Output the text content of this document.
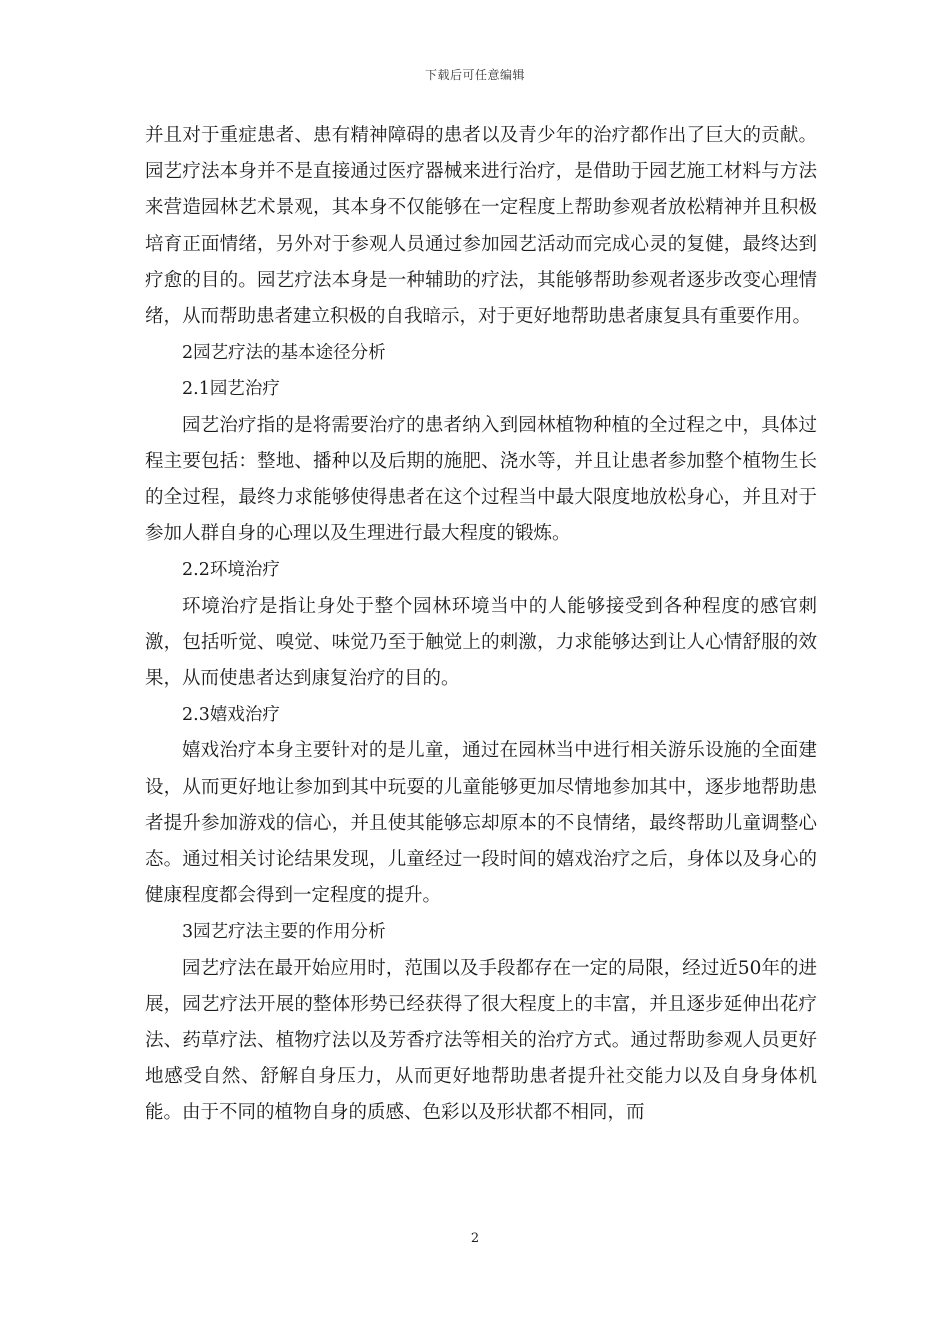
下载后可任意编辑

并且对于重症患者、患有精神障碍的患者以及青少年的治疗都作出了巨大的贡献。园艺疗法本身并不是直接通过医疗器械来进行治疗，是借助于园艺施工材料与方法来营造园林艺术景观，其本身不仅能够在一定程度上帮助参观者放松精神并且积极培育正面情绪，另外对于参观人员通过参加园艺活动而完成心灵的复健，最终达到疗愈的目的。园艺疗法本身是一种辅助的疗法，其能够帮助参观者逐步改变心理情绪，从而帮助患者建立积极的自我暗示，对于更好地帮助患者康复具有重要作用。

2园艺疗法的基本途径分析

2.1园艺治疗

园艺治疗指的是将需要治疗的患者纳入到园林植物种植的全过程之中，具体过程主要包括：整地、播种以及后期的施肥、浇水等，并且让患者参加整个植物生长的全过程，最终力求能够使得患者在这个过程当中最大限度地放松身心，并且对于参加人群自身的心理以及生理进行最大程度的锻炼。

2.2环境治疗

环境治疗是指让身处于整个园林环境当中的人能够接受到各种程度的感官刺激，包括听觉、嗅觉、味觉乃至于触觉上的刺激，力求能够达到让人心情舒服的效果，从而使患者达到康复治疗的目的。

2.3嬉戏治疗

嬉戏治疗本身主要针对的是儿童，通过在园林当中进行相关游乐设施的全面建设，从而更好地让参加到其中玩耍的儿童能够更加尽情地参加其中，逐步地帮助患者提升参加游戏的信心，并且使其能够忘却原本的不良情绪，最终帮助儿童调整心态。通过相关讨论结果发现，儿童经过一段时间的嬉戏治疗之后，身体以及身心的健康程度都会得到一定程度的提升。

3园艺疗法主要的作用分析

园艺疗法在最开始应用时，范围以及手段都存在一定的局限，经过近50年的进展，园艺疗法开展的整体形势已经获得了很大程度上的丰富，并且逐步延伸出花疗法、药草疗法、植物疗法以及芳香疗法等相关的治疗方式。通过帮助参观人员更好地感受自然、舒解自身压力，从而更好地帮助患者提升社交能力以及自身身体机能。由于不同的植物自身的质感、色彩以及形状都不相同，而

2
